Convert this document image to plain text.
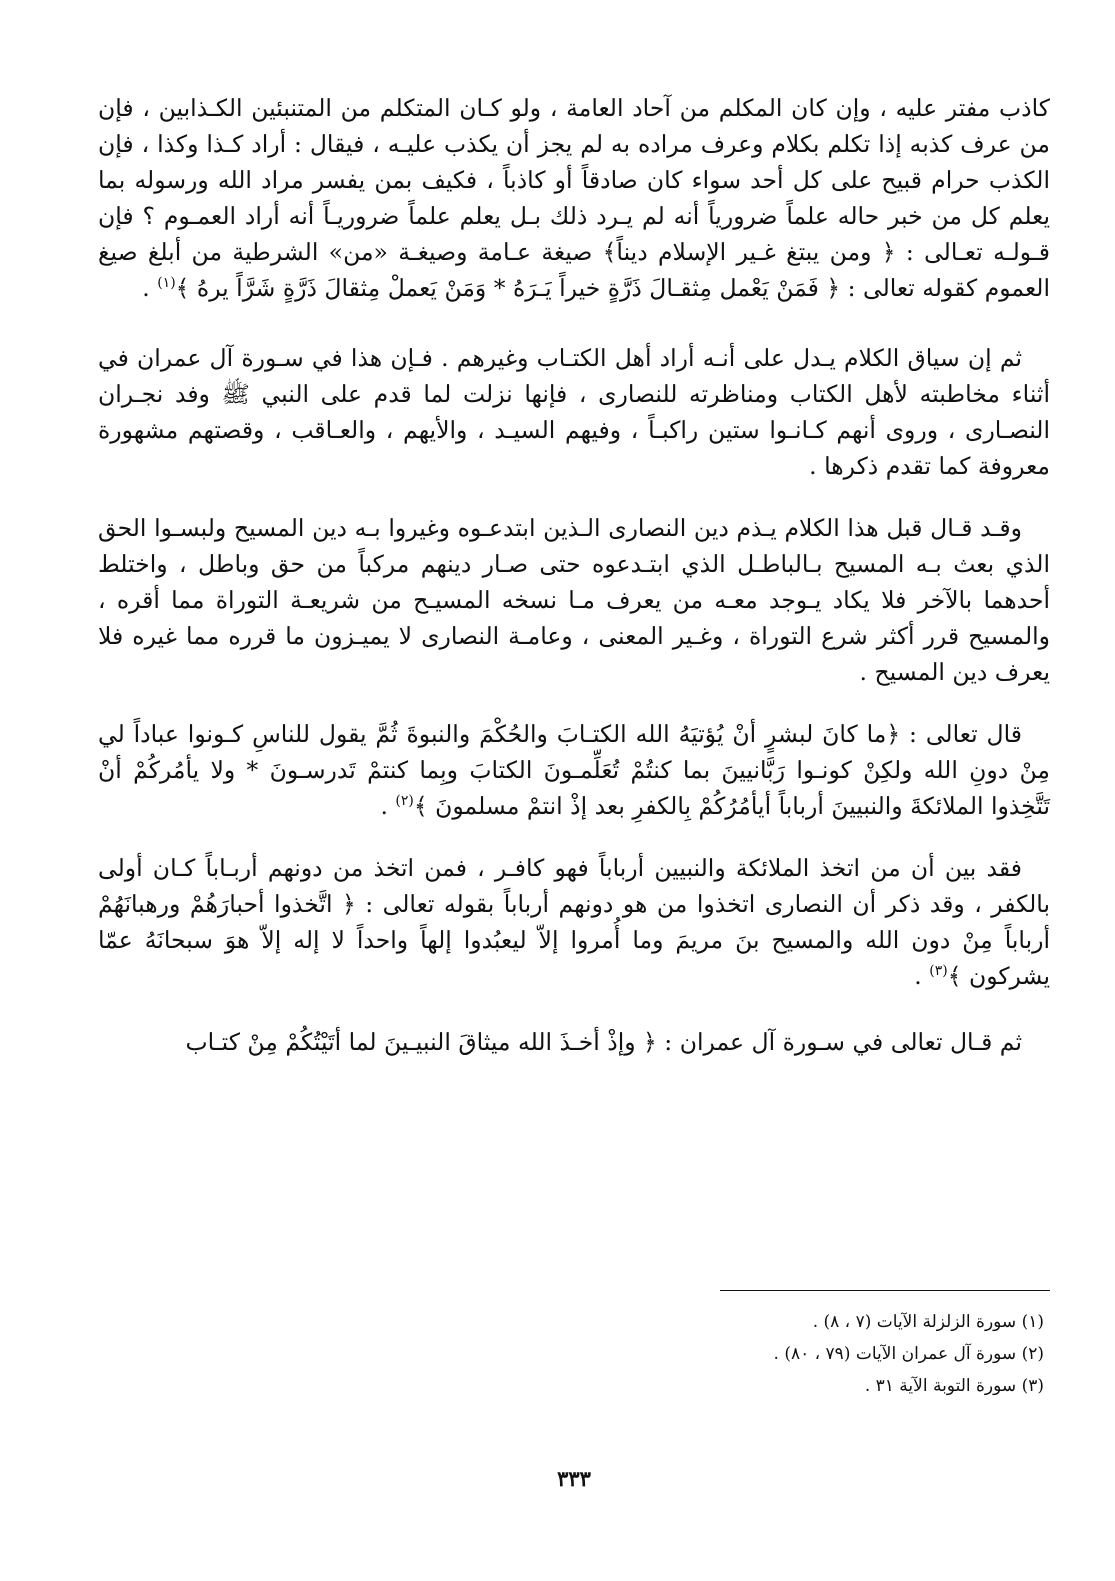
كاذب مفتر عليه ، وإن كان المكلم من آحاد العامة ، ولو كـان المتكلم من المتنبئين الكـذابين ، فإن من عرف كذبه إذا تكلم بكلام وعرف مراده به لم يجز أن يكذب عليـه ، فيقال : أراد كـذا وكذا ، فإن الكذب حرام قبيح على كل أحد سواء كان صادقاً أو كاذباً ، فكيف بمن يفسر مراد الله ورسوله بما يعلم كل من خبر حاله علماً ضرورياً أنه لم يـرد ذلك بـل يعلم علماً ضروريـاً أنه أراد العمـوم ؟ فإن قـولـه تعـالى : ﴿ ومن يبتغ غـير الإسلام ديناً﴾ صيغة عـامة وصيغـة «من» الشرطية من أبلغ صيغ العموم كقوله تعالى : ﴿ فَمَنْ يَعْمل مِثقـالَ ذَرَّةٍ خيراً يَـرَهُ * وَمَنْ يَعملْ مِثقالَ ذَرَّةٍ شَرَّاً يرهُ ﴾$^{(١)}$ .

ثم إن سياق الكلام يـدل على أنـه أراد أهل الكتـاب وغيرهم . فـإن هذا في سـورة آل عمران في أثناء مخاطبته لأهل الكتاب ومناظرته للنصارى ، فإنها نزلت لما قدم على النبي ﷺ وفد نجـران النصـارى ، وروى أنهم كـانـوا ستين راكبـاً ، وفيهم السيـد ، والأيهم ، والعـاقب ، وقصتهم مشهورة معروفة كما تقدم ذكرها .

وقـد قـال قبل هذا الكلام يـذم دين النصارى الـذين ابتدعـوه وغيروا بـه دين المسيح ولبسـوا الحق الذي بعث بـه المسيح بـالباطـل الذي ابتـدعوه حتى صـار دينهم مركباً من حق وباطل ، واختلط أحدهما بالآخر فلا يكاد يـوجد معـه من يعرف مـا نسخه المسيـح من شريعـة التوراة مما أقره ، والمسيح قرر أكثر شرع التوراة ، وغـير المعنى ، وعامـة النصارى لا يميـزون ما قرره مما غيره فلا يعرف دين المسيح .

قال تعالى : ﴿ما كانَ لبشرٍ أنْ يُؤتيَهُ الله الكتـابَ والحُكْمَ والنبوةَ ثُمَّ يقول للناسِ كـونوا عباداً لي مِنْ دونِ الله ولكِنْ كونـوا رَبَّانيينَ بما كنتُمْ تُعَلِّمـونَ الكتابَ وبِما كنتمْ تَدرسـونَ * ولا يأمُركُمْ أنْ تَتَّخِذوا الملائكةَ والنبيينَ أرباباً أيأمُرُكُمْ بِالكفرِ بعد إذْ انتمْ مسلمونَ ﴾$^{(٢)}$ .

فقد بين أن من اتخذ الملائكة والنبيين أرباباً فهو كافـر ، فمن اتخذ من دونهم أربـاباً كـان أولى بالكفر ، وقد ذكر أن النصارى اتخذوا من هو دونهم أرباباً بقوله تعالى : ﴿ اتَّخذوا أحبارَهُمْ ورهبانَهُمْ أرباباً مِنْ دون الله والمسيح بنَ مريمَ وما أُمروا إلاّ ليعبُدوا إلهاً واحداً لا إله إلاّ هوَ سبحانَهُ عمّا يشركون ﴾$^{(٣)}$ .

ثم قـال تعالى في سـورة آل عمران : ﴿ وإذْ أخـذَ الله ميثاقَ النبيـينَ لما أتَيْتُكُمْ مِنْ كتـاب

(١) سورة الزلزلة الآيات (٧ ، ٨) .
(٢) سورة آل عمران الآيات (٧٩ ، ٨٠) .
(٣) سورة التوبة الآية ٣١ .
٣٣٣
